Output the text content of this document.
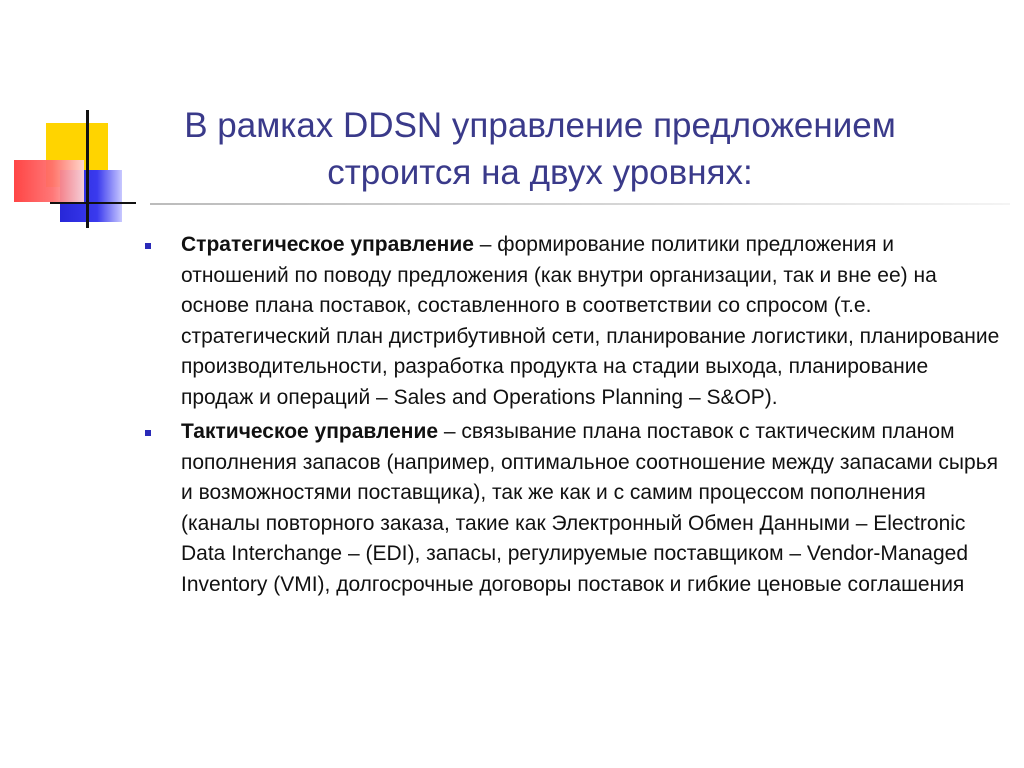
В рамках DDSN управление предложением
строится на двух уровнях:
Стратегическое управление – формирование политики предложения и отношений по поводу предложения (как внутри организации, так и вне ее) на основе плана поставок, составленного в соответствии со спросом (т.е. стратегический план дистрибутивной сети, планирование логистики, планирование производительности, разработка продукта на стадии выхода, планирование продаж и операций – Sales and Operations Planning – S&OP).
Тактическое управление – связывание плана поставок с тактическим планом пополнения запасов (например, оптимальное соотношение между запасами сырья и возможностями поставщика), так же как и с самим процессом пополнения (каналы повторного заказа, такие как Электронный Обмен Данными – Electronic Data Interchange – (EDI), запасы, регулируемые поставщиком – Vendor-Managed Inventory (VMI), долгосрочные договоры поставок и гибкие ценовые соглашения
